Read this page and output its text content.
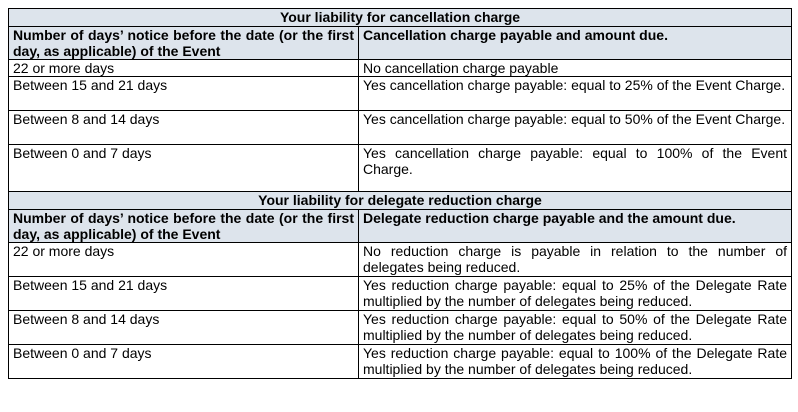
Your liability for cancellation charge	
Number of days’ notice before the date (or the first day, as applicable) of the Event	Cancellation charge payable and amount due.
22 or more days	No cancellation charge payable
Between 15 and 21 days	Yes cancellation charge payable: equal to 25% of the Event Charge.
Between 8 and 14 days	Yes cancellation charge payable: equal to 50% of the Event Charge.
Between 0 and 7 days	Yes cancellation charge payable: equal to 100% of the Event Charge.
Your liability for delegate reduction charge	
Number of days’ notice before the date (or the first day, as applicable) of the Event	Delegate reduction charge payable and the amount due.
22 or more days	No reduction charge is payable in relation to the number of delegates being reduced.
Between 15 and 21 days	Yes reduction charge payable: equal to 25% of the Delegate Rate multiplied by the number of delegates being reduced.
Between 8 and 14 days	Yes reduction charge payable: equal to 50% of the Delegate Rate multiplied by the number of delegates being reduced.
Between 0 and 7 days	Yes reduction charge payable: equal to 100% of the Delegate Rate multiplied by the number of delegates being reduced.
